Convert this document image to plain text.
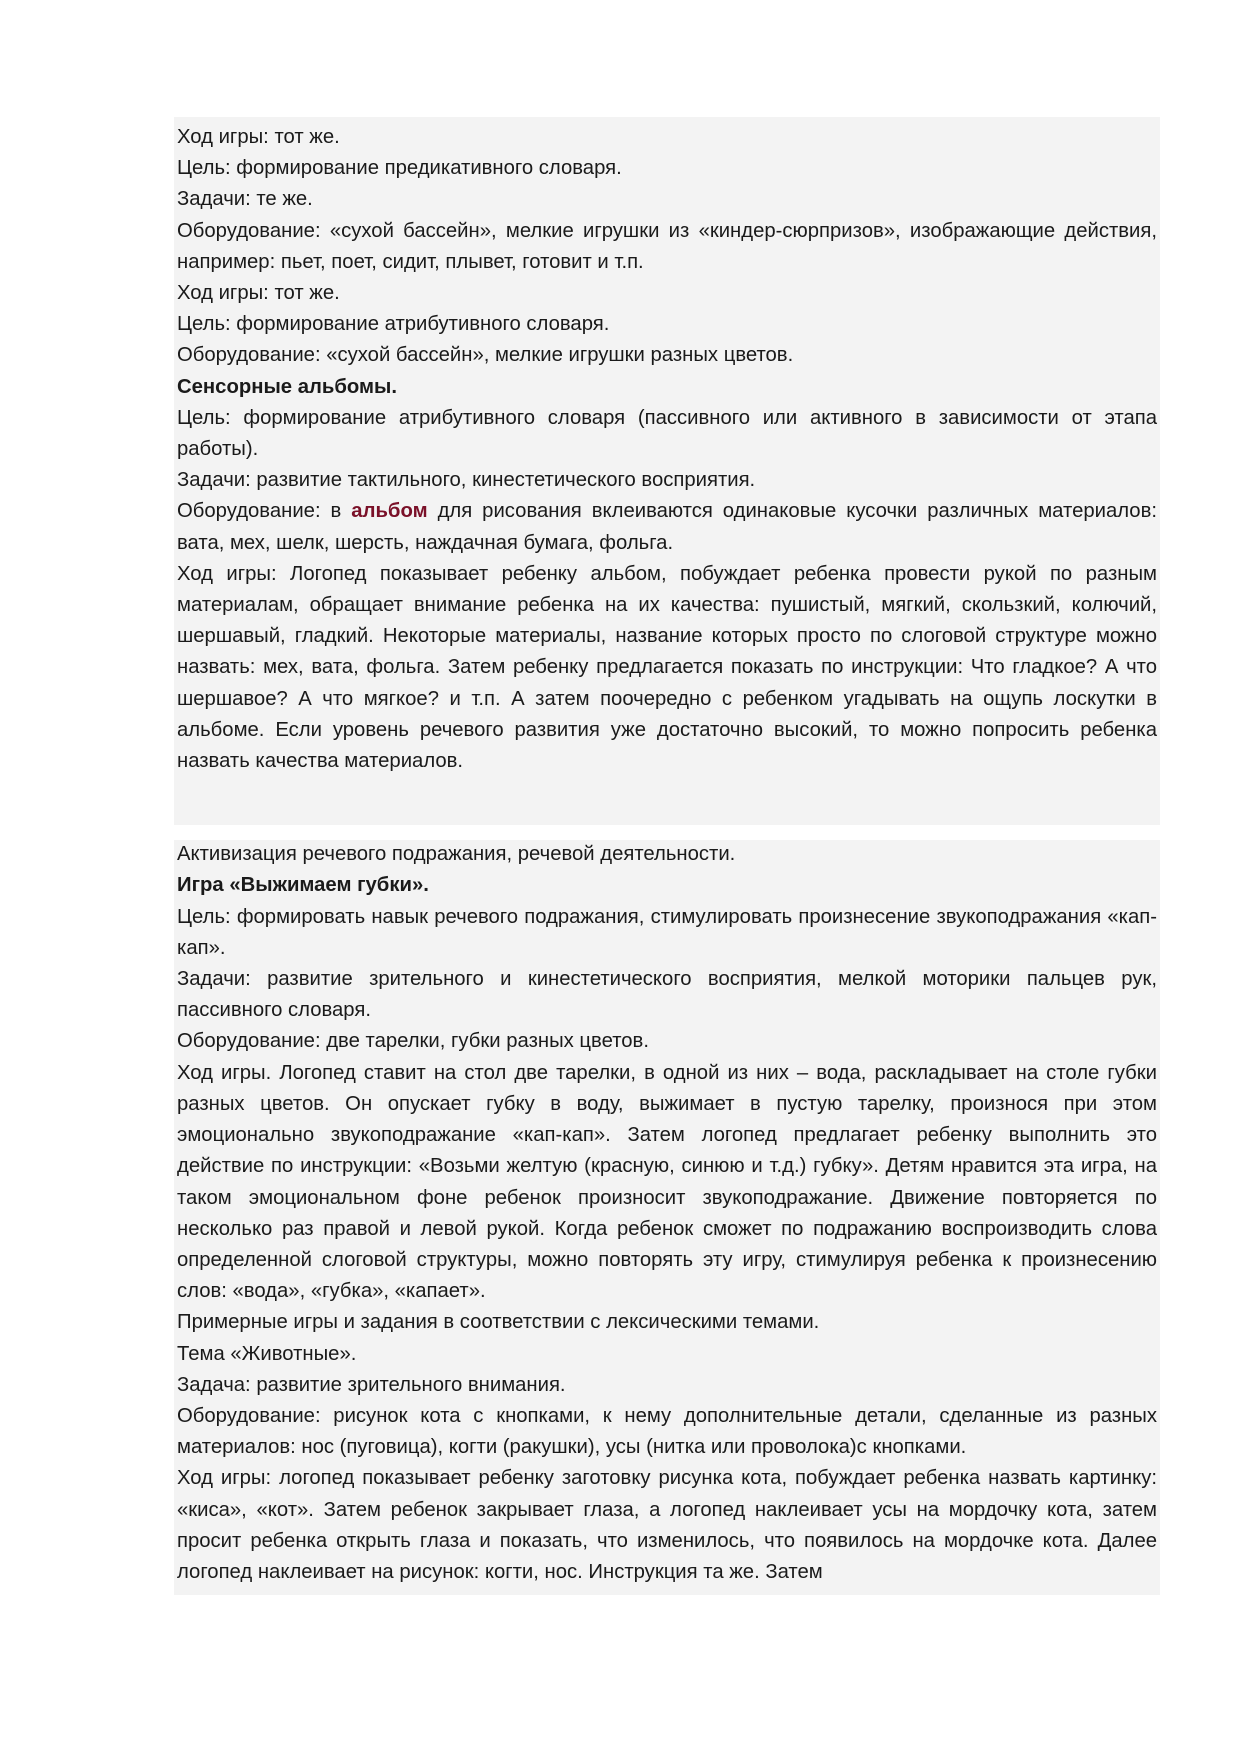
Ход игры: тот же.

Цель: формирование предикативного словаря.

Задачи: те же.

Оборудование: «сухой бассейн», мелкие игрушки из «киндер-сюрпризов», изображающие действия, например: пьет, поет, сидит, плывет, готовит и т.п.

Ход игры: тот же.

Цель: формирование атрибутивного словаря.

Оборудование: «сухой бассейн», мелкие игрушки разных цветов.

Сенсорные альбомы.

Цель: формирование атрибутивного словаря (пассивного или активного в зависимости от этапа работы).

Задачи: развитие тактильного, кинестетического восприятия.

Оборудование: в альбом для рисования вклеиваются одинаковые кусочки различных материалов: вата, мех, шелк, шерсть, наждачная бумага, фольга.

Ход игры: Логопед показывает ребенку альбом, побуждает ребенка провести рукой по разным материалам, обращает внимание ребенка на их качества: пушистый, мягкий, скользкий, колючий, шершавый, гладкий. Некоторые материалы, название которых просто по слоговой структуре можно назвать: мех, вата, фольга. Затем ребенку предлагается показать по инструкции: Что гладкое? А что шершавое? А что мягкое? и т.п. А затем поочередно с ребенком угадывать на ощупь лоскутки в альбоме. Если уровень речевого развития уже достаточно высокий, то можно попросить ребенка назвать качества материалов.

Активизация речевого подражания, речевой деятельности.

Игра «Выжимаем губки».

Цель: формировать навык речевого подражания, стимулировать произнесение звукоподражания «кап-кап».

Задачи: развитие зрительного и кинестетического восприятия, мелкой моторики пальцев рук, пассивного словаря.

Оборудование: две тарелки, губки разных цветов.

Ход игры. Логопед ставит на стол две тарелки, в одной из них – вода, раскладывает на столе губки разных цветов. Он опускает губку в воду, выжимает в пустую тарелку, произнося при этом эмоционально звукоподражание «кап-кап». Затем логопед предлагает ребенку выполнить это действие по инструкции: «Возьми желтую (красную, синюю и т.д.) губку». Детям нравится эта игра, на таком эмоциональном фоне ребенок произносит звукоподражание. Движение повторяется по несколько раз правой и левой рукой. Когда ребенок сможет по подражанию воспроизводить слова определенной слоговой структуры, можно повторять эту игру, стимулируя ребенка к произнесению слов: «вода», «губка», «капает».

Примерные игры и задания в соответствии с лексическими темами.

Тема «Животные».

Задача: развитие зрительного внимания.

Оборудование: рисунок кота с кнопками, к нему дополнительные детали, сделанные из разных материалов: нос (пуговица), когти (ракушки), усы (нитка или проволока)с кнопками.

Ход игры: логопед показывает ребенку заготовку рисунка кота, побуждает ребенка назвать картинку: «киса», «кот». Затем ребенок закрывает глаза, а логопед наклеивает усы на мордочку кота, затем просит ребенка открыть глаза и показать, что изменилось, что появилось на мордочке кота. Далее логопед наклеивает на рисунок: когти, нос. Инструкция та же. Затем
